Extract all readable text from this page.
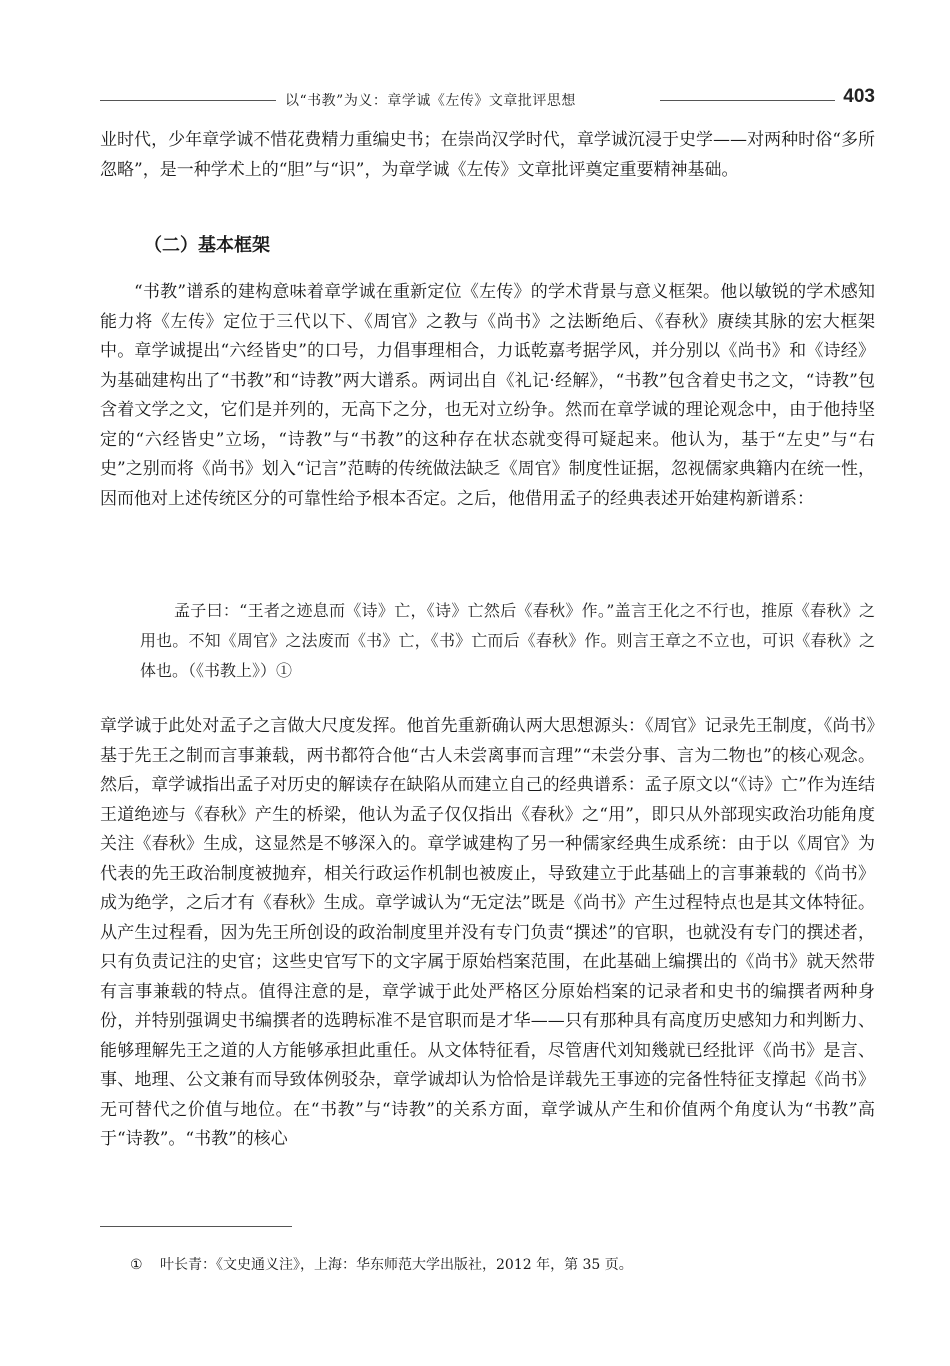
以“书教”为义：章学诚《左传》文章批评思想	403

业时代，少年章学诚不惜花费精力重编史书；在崇尚汉学时代，章学诚沉浸于史学——对两种时俗“多所忽略”，是一种学术上的“胆”与“识”，为章学诚《左传》文章批评奠定重要精神基础。

（二）基本框架

“书教”谱系的建构意味着章学诚在重新定位《左传》的学术背景与意义框架。他以敏锐的学术感知能力将《左传》定位于三代以下、《周官》之教与《尚书》之法断绝后、《春秋》赓续其脉的宏大框架中。章学诚提出“六经皆史”的口号，力倡事理相合，力诋乾嘉考据学风，并分别以《尚书》和《诗经》为基础建构出了“书教”和“诗教”两大谱系。两词出自《礼记·经解》，“书教”包含着史书之文，“诗教”包含着文学之文，它们是并列的，无高下之分，也无对立纷争。然而在章学诚的理论观念中，由于他持坚定的“六经皆史”立场，“诗教”与“书教”的这种存在状态就变得可疑起来。他认为，基于“左史”与“右史”之别而将《尚书》划入“记言”范畴的传统做法缺乏《周官》制度性证据，忽视儒家典籍内在统一性，因而他对上述传统区分的可靠性给予根本否定。之后，他借用孟子的经典表述开始建构新谱系：

孟子曰：“王者之迹息而《诗》亡，《诗》亡然后《春秋》作。”盖言王化之不行也，推原《春秋》之用也。不知《周官》之法废而《书》亡，《书》亡而后《春秋》作。则言王章之不立也，可识《春秋》之体也。（《书教上》）①

章学诚于此处对孟子之言做大尺度发挥。他首先重新确认两大思想源头：《周官》记录先王制度，《尚书》基于先王之制而言事兼载，两书都符合他“古人未尝离事而言理”“未尝分事、言为二物也”的核心观念。然后，章学诚指出孟子对历史的解读存在缺陷从而建立自己的经典谱系：孟子原文以“《诗》亡”作为连结王道绝迹与《春秋》产生的桥梁，他认为孟子仅仅指出《春秋》之“用”，即只从外部现实政治功能角度关注《春秋》生成，这显然是不够深入的。章学诚建构了另一种儒家经典生成系统：由于以《周官》为代表的先王政治制度被抛弃，相关行政运作机制也被废止，导致建立于此基础上的言事兼载的《尚书》成为绝学，之后才有《春秋》生成。章学诚认为“无定法”既是《尚书》产生过程特点也是其文体特征。从产生过程看，因为先王所创设的政治制度里并没有专门负责“撰述”的官职，也就没有专门的撰述者，只有负责记注的史官；这些史官写下的文字属于原始档案范围，在此基础上编撰出的《尚书》就天然带有言事兼载的特点。值得注意的是，章学诚于此处严格区分原始档案的记录者和史书的编撰者两种身份，并特别强调史书编撰者的选聘标准不是官职而是才华——只有那种具有高度历史感知力和判断力、能够理解先王之道的人方能够承担此重任。从文体特征看，尽管唐代刘知幾就已经批评《尚书》是言、事、地理、公文兼有而导致体例驳杂，章学诚却认为恰恰是详载先王事迹的完备性特征支撑起《尚书》无可替代之价值与地位。在“书教”与“诗教”的关系方面，章学诚从产生和价值两个角度认为“书教”高于“诗教”。“书教”的核心

① 叶长青：《文史通义注》，上海：华东师范大学出版社，2012 年，第 35 页。
